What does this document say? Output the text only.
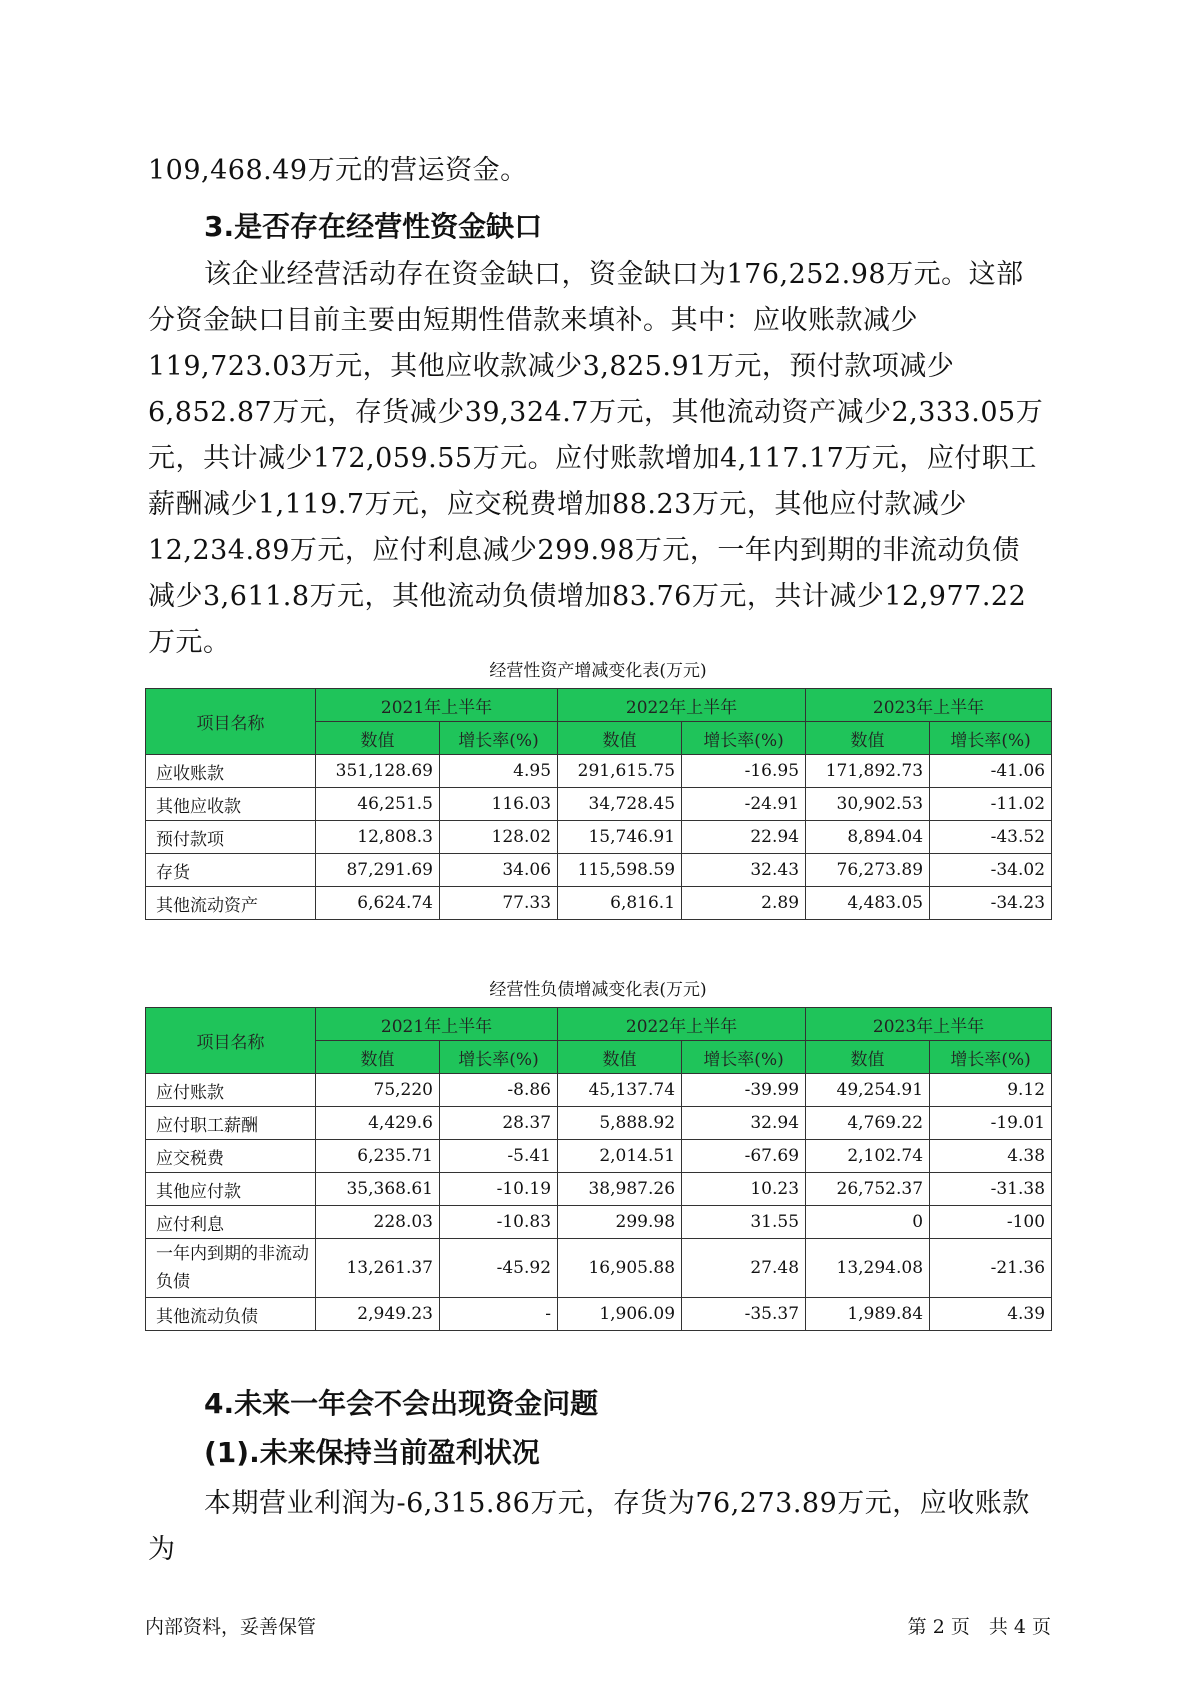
109,468.49万元的营运资金。
3.是否存在经营性资金缺口
该企业经营活动存在资金缺口，资金缺口为176,252.98万元。这部分资金缺口目前主要由短期性借款来填补。其中：应收账款减少119,723.03万元，其他应收款减少3,825.91万元，预付款项减少6,852.87万元，存货减少39,324.7万元，其他流动资产减少2,333.05万元，共计减少172,059.55万元。应付账款增加4,117.17万元，应付职工薪酬减少1,119.7万元，应交税费增加88.23万元，其他应付款减少12,234.89万元，应付利息减少299.98万元，一年内到期的非流动负债减少3,611.8万元，其他流动负债增加83.76万元，共计减少12,977.22万元。
经营性资产增减变化表(万元)
项目名称	2021年上半年		2022年上半年		2023年上半年	
	数值	增长率(%)	数值	增长率(%)	数值	增长率(%)
应收账款	351,128.69	4.95	291,615.75	-16.95	171,892.73	-41.06
其他应收款	46,251.5	116.03	34,728.45	-24.91	30,902.53	-11.02
预付款项	12,808.3	128.02	15,746.91	22.94	8,894.04	-43.52
存货	87,291.69	34.06	115,598.59	32.43	76,273.89	-34.02
其他流动资产	6,624.74	77.33	6,816.1	2.89	4,483.05	-34.23
经营性负债增减变化表(万元)
项目名称	2021年上半年		2022年上半年		2023年上半年	
	数值	增长率(%)	数值	增长率(%)	数值	增长率(%)
应付账款	75,220	-8.86	45,137.74	-39.99	49,254.91	9.12
应付职工薪酬	4,429.6	28.37	5,888.92	32.94	4,769.22	-19.01
应交税费	6,235.71	-5.41	2,014.51	-67.69	2,102.74	4.38
其他应付款	35,368.61	-10.19	38,987.26	10.23	26,752.37	-31.38
应付利息	228.03	-10.83	299.98	31.55	0	-100
一年内到期的非流动负债	13,261.37	-45.92	16,905.88	27.48	13,294.08	-21.36
其他流动负债	2,949.23	-	1,906.09	-35.37	1,989.84	4.39
4.未来一年会不会出现资金问题
(1).未来保持当前盈利状况
本期营业利润为-6,315.86万元，存货为76,273.89万元，应收账款为
内部资料，妥善保管	第 2 页　共 4 页
